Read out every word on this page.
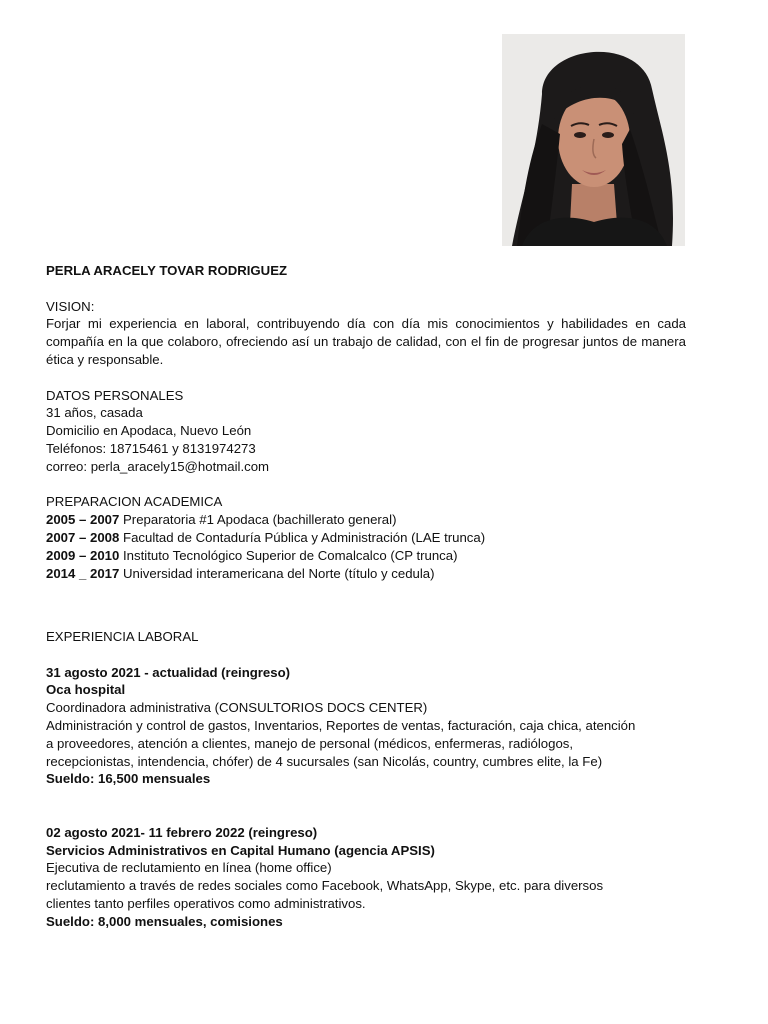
PERLA ARACELY TOVAR RODRIGUEZ
VISION:
Forjar mi experiencia en laboral, contribuyendo día con día mis conocimientos y habilidades en cada compañía en la que colaboro, ofreciendo así un trabajo de calidad, con el fin de progresar juntos de manera ética y responsable.
DATOS PERSONALES
31 años, casada
Domicilio en Apodaca, Nuevo León
Teléfonos: 18715461 y 8131974273
correo: perla_aracely15@hotmail.com
PREPARACION ACADEMICA
2005 – 2007 Preparatoria #1 Apodaca (bachillerato general)
2007 – 2008 Facultad de Contaduría Pública y Administración (LAE trunca)
2009 – 2010 Instituto Tecnológico Superior de Comalcalco (CP trunca)
2014 _ 2017 Universidad interamericana del Norte (título y cedula)
EXPERIENCIA LABORAL
31 agosto 2021 - actualidad (reingreso)
Oca hospital
Coordinadora administrativa (CONSULTORIOS DOCS CENTER)
Administración y control de gastos, Inventarios, Reportes de ventas, facturación, caja chica, atención
a proveedores, atención a clientes, manejo de personal (médicos, enfermeras, radiólogos,
recepcionistas, intendencia, chófer) de 4 sucursales (san Nicolás, country, cumbres elite, la Fe)
Sueldo: 16,500 mensuales
02 agosto 2021- 11 febrero 2022 (reingreso)
Servicios Administrativos en Capital Humano (agencia APSIS)
Ejecutiva de reclutamiento en línea (home office)
reclutamiento a través de redes sociales como Facebook, WhatsApp, Skype, etc. para diversos
clientes tanto perfiles operativos como administrativos.
Sueldo: 8,000 mensuales, comisiones
